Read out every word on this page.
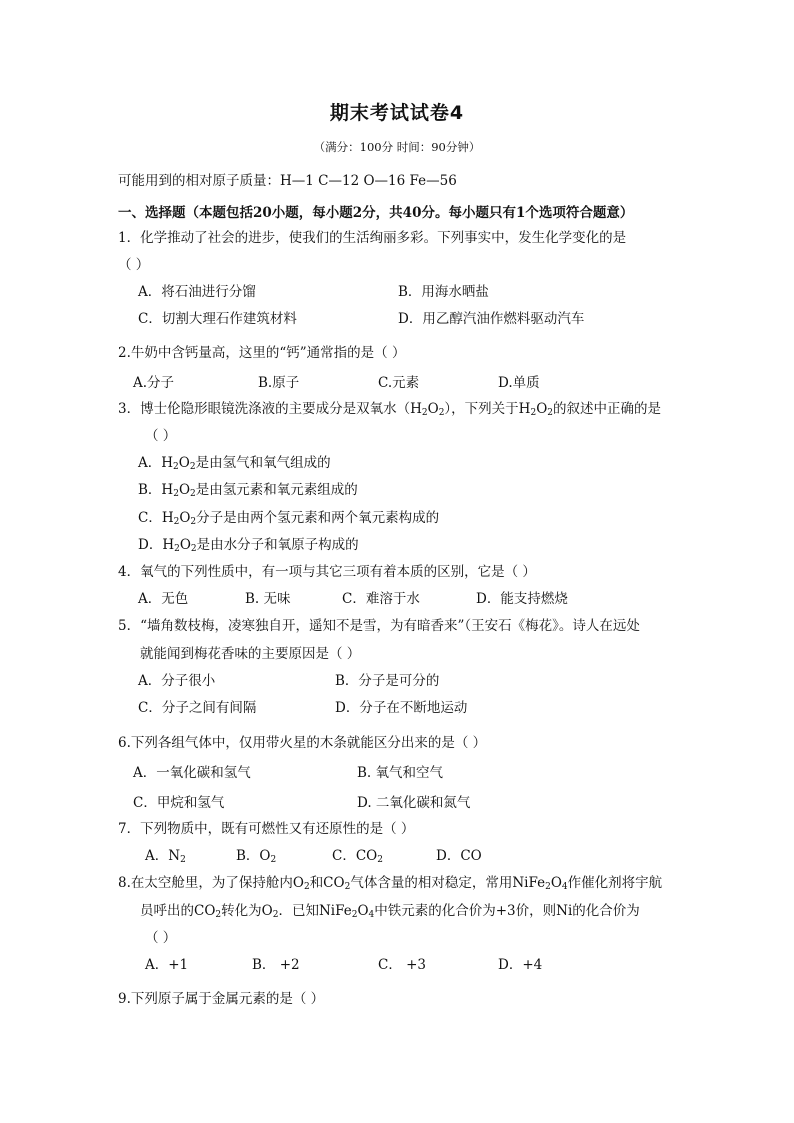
期末考试试卷4
（满分：100分 时间：90分钟）
可能用到的相对原子质量：H—1 C—12 O—16 Fe—56
一、选择题（本题包括20小题，每小题2分，共40分。每小题只有1个选项符合题意）
1．化学推动了社会的进步，使我们的生活绚丽多彩。下列事实中，发生化学变化的是
（ ）
A．将石油进行分馏	B．用海水晒盐
C．切割大理石作建筑材料	D．用乙醇汽油作燃料驱动汽车
2.牛奶中含钙量高，这里的“钙”通常指的是（ ）
A.分子	B.原子	C.元素	D.单质
3．博士伦隐形眼镜洗涤液的主要成分是双氧水$(H_2O_2)$，下列关于$H_2O_2$的叙述中正确的是
（ ）
A．$H_2O_2$是由氢气和氧气组成的
B．$H_2O_2$是由氢元素和氧元素组成的
C．$H_2O_2$分子是由两个氢元素和两个氧元素构成的
D．$H_2O_2$是由水分子和氧原子构成的
4．氧气的下列性质中，有一项与其它三项有着本质的区别，它是（ ）
A．无色	B. 无味	C．难溶于水	D．能支持燃烧
5．“墙角数枝梅，凌寒独自开，遥知不是雪，为有暗香来”（王安石《梅花》。诗人在远处
就能闻到梅花香味的主要原因是（ ）
A．分子很小	B．分子是可分的
C．分子之间有间隔	D．分子在不断地运动
6.下列各组气体中，仅用带火星的木条就能区分出来的是（ ）
A．一氧化碳和氢气	B. 氧气和空气
C．甲烷和氢气	D. 二氧化碳和氮气
7．下列物质中，既有可燃性又有还原性的是（ ）
A．$N_2$	B．$O_2$	C．$CO_2$	D．CO
8.在太空舱里，为了保持舱内$O_2$和$CO_2$气体含量的相对稳定，常用$NiFe_2O_4$作催化剂将宇航
员呼出的$CO_2$转化为$O_2$．已知$NiFe_2O_4$中铁元素的化合价为+3价，则Ni的化合价为
（ ）
A．+1	B． +2	C． +3	D．+4
9.下列原子属于金属元素的是（ ）
